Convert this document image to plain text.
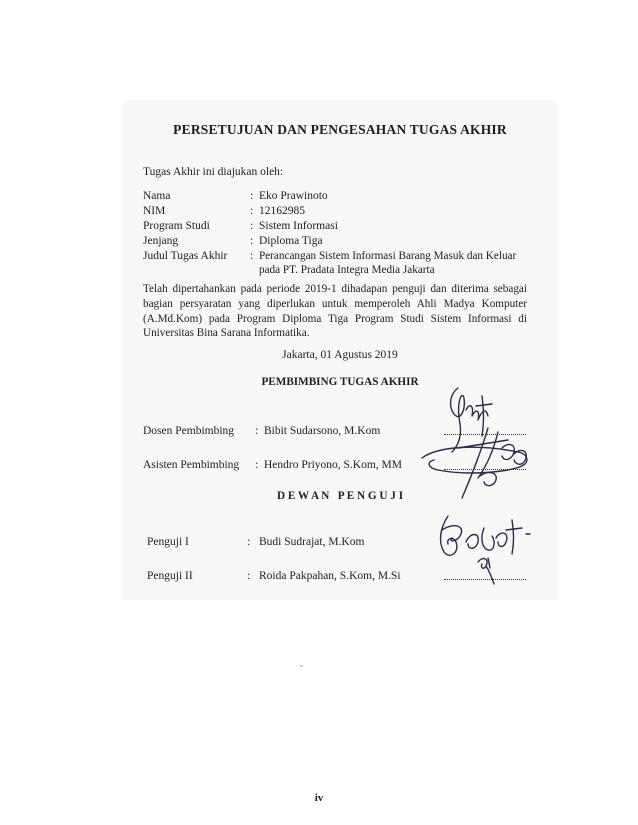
PERSETUJUAN DAN PENGESAHAN TUGAS AKHIR
Tugas Akhir ini diajukan oleh:
Nama	: Eko Prawinoto
NIM	: 12162985
Program Studi	: Sistem Informasi
Jenjang	: Diploma Tiga
Judul Tugas Akhir : Perancangan Sistem Informasi Barang Masuk dan Keluar
pada PT. Pradata Integra Media Jakarta
Telah dipertahankan pada periode 2019-1 dihadapan penguji dan diterima sebagai bagian persyaratan yang diperlukan untuk memperoleh Ahli Madya Komputer (A.Md.Kom) pada Program Diploma Tiga Program Studi Sistem Informasi di Universitas Bina Sarana Informatika.
Jakarta, 01 Agustus 2019
PEMBIMBING TUGAS AKHIR
Dosen Pembimbing : Bibit Sudarsono, M.Kom
Asisten Pembimbing : Hendro Priyono, S.Kom, MM
D E W A N   P E N G U J I
Penguji I	: Budi Sudrajat, M.Kom
Penguji II	: Roida Pakpahan, S.Kom, M.Si
iv
